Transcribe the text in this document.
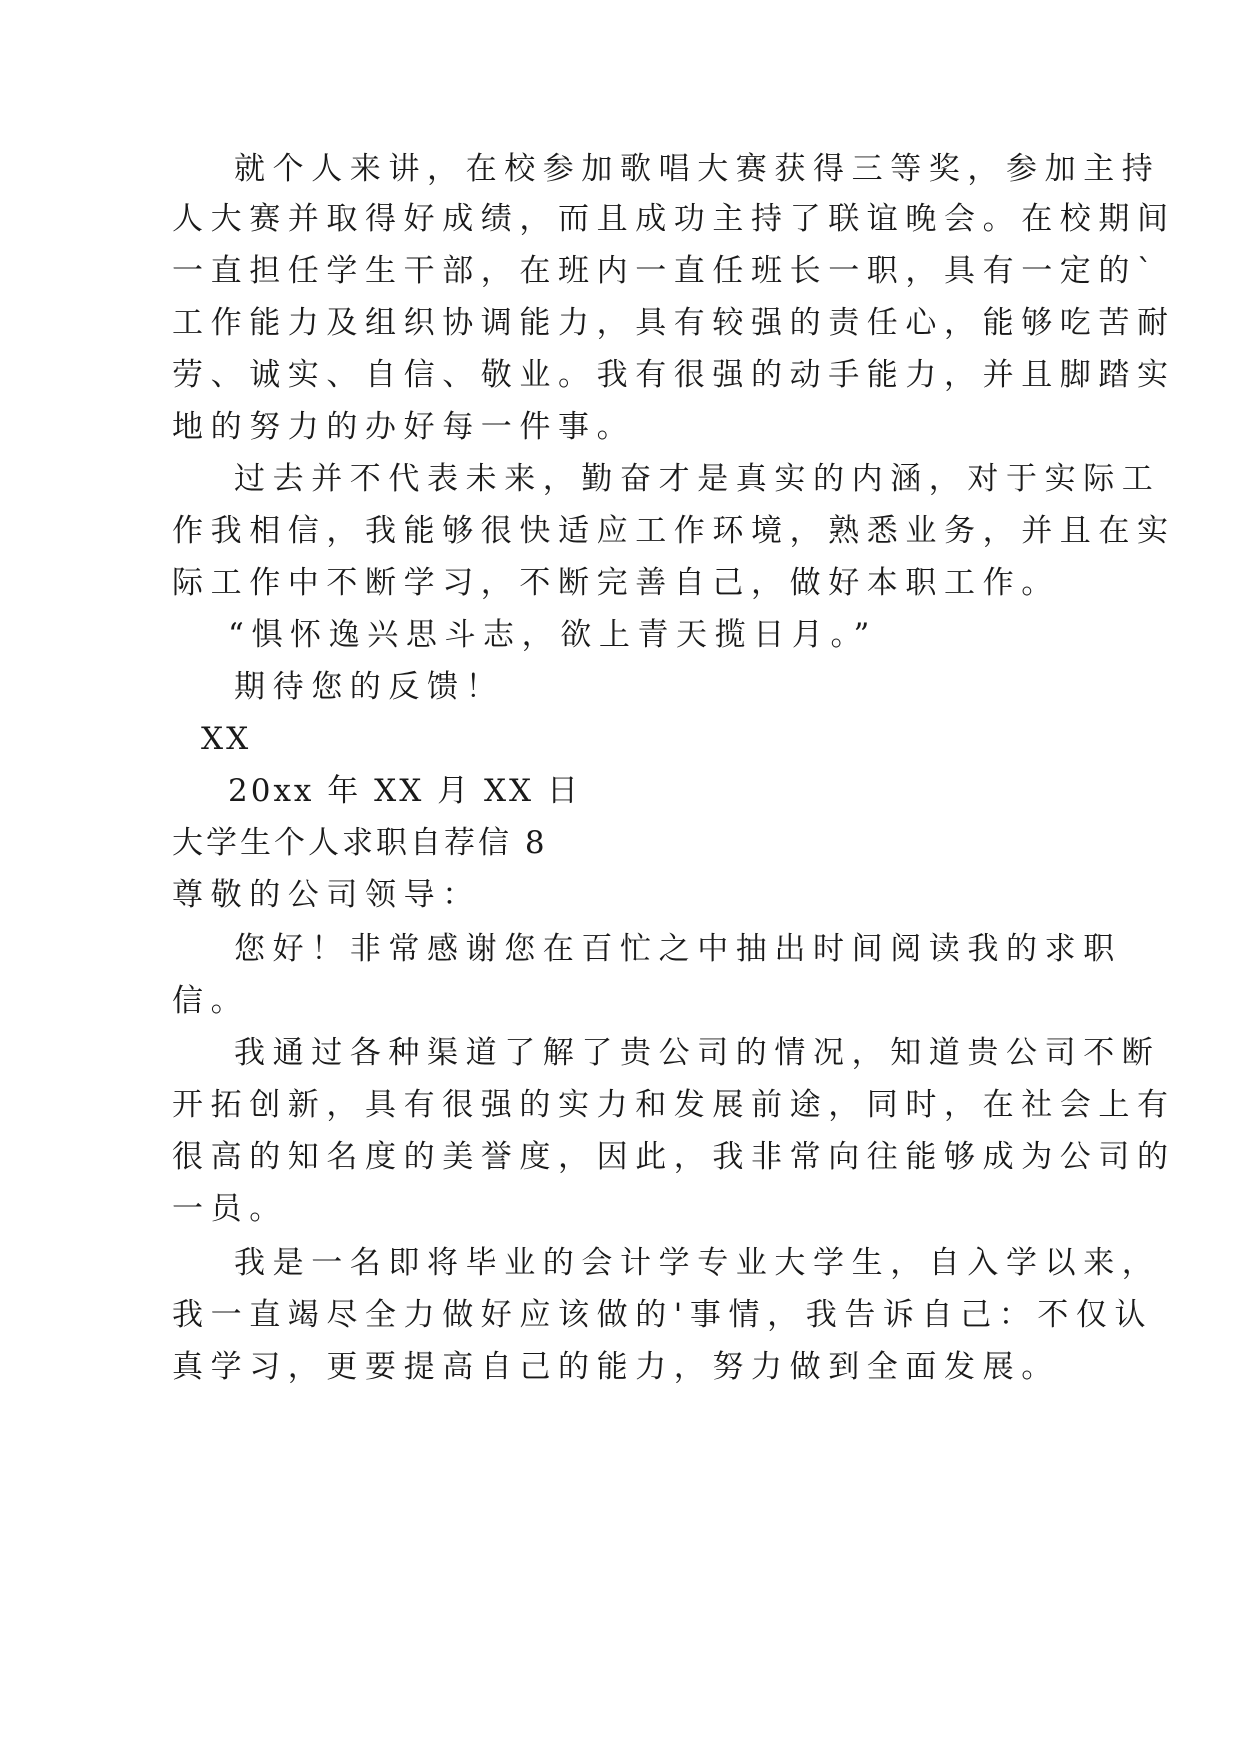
就个人来讲，在校参加歌唱大赛获得三等奖，参加主持
人大赛并取得好成绩，而且成功主持了联谊晚会。在校期间
一直担任学生干部，在班内一直任班长一职，具有一定的`
工作能力及组织协调能力，具有较强的责任心，能够吃苦耐
劳、诚实、自信、敬业。我有很强的动手能力，并且脚踏实
地的努力的办好每一件事。
过去并不代表未来，勤奋才是真实的内涵，对于实际工
作我相信，我能够很快适应工作环境，熟悉业务，并且在实
际工作中不断学习，不断完善自己，做好本职工作。
“惧怀逸兴思斗志，欲上青天揽日月。”
期待您的反馈！
XX
20xx 年 XX 月 XX 日
大学生个人求职自荐信 8
尊敬的公司领导：
您好！非常感谢您在百忙之中抽出时间阅读我的求职
信。
我通过各种渠道了解了贵公司的情况，知道贵公司不断
开拓创新，具有很强的实力和发展前途，同时，在社会上有
很高的知名度的美誉度，因此，我非常向往能够成为公司的
一员。
我是一名即将毕业的会计学专业大学生，自入学以来，
我一直竭尽全力做好应该做的'事情，我告诉自己：不仅认
真学习，更要提高自己的能力，努力做到全面发展。
